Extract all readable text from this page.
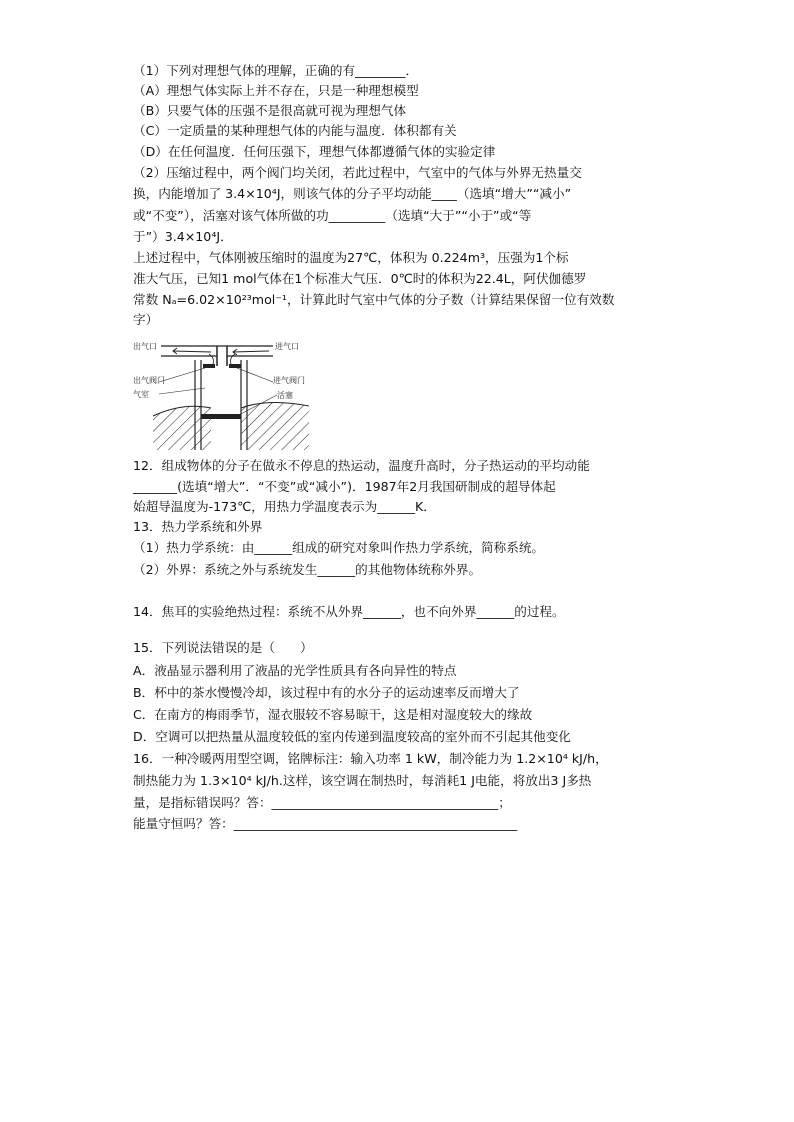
（1）下列对理想气体的理解，正确的有________．
（A）理想气体实际上并不存在，只是一种理想模型
（B）只要气体的压强不是很高就可视为理想气体
（C）一定质量的某种理想气体的内能与温度．体积都有关
（D）在任何温度．任何压强下，理想气体都遵循气体的实验定律
（2）压缩过程中，两个阀门均关闭，若此过程中，气室中的气体与外界无热量交
换，内能增加了 3.4×10⁴J，则该气体的分子平均动能____（选填“增大”“减小”
或“不变”），活塞对该气体所做的功_________（选填“大于”“小于”或“等
于”）3.4×10⁴J．
上述过程中，气体刚被压缩时的温度为27℃，体积为 0.224m³，压强为1个标
准大气压，已知1 mol气体在1个标准大气压．0℃时的体积为22.4L，阿伏伽德罗
常数 Nₐ=6.02×10²³mol⁻¹，计算此时气室中气体的分子数（计算结果保留一位有效数
字）
出气口	进气口
出气阀门	进气阀门
气室	活塞
12．组成物体的分子在做永不停息的热运动，温度升高时，分子热运动的平均动能
_______(选填“增大”．“不变”或“减小”)．1987年2月我国研制成的超导体起
始超导温度为-173℃，用热力学温度表示为______K．
13．热力学系统和外界
（1）热力学系统：由______组成的研究对象叫作热力学系统，简称系统。
（2）外界：系统之外与系统发生______的其他物体统称外界。
14．焦耳的实验绝热过程：系统不从外界______，也不向外界______的过程。
15．下列说法错误的是（　　）
A．液晶显示器利用了液晶的光学性质具有各向异性的特点
B．杯中的茶水慢慢冷却，该过程中有的水分子的运动速率反而增大了
C．在南方的梅雨季节，湿衣服较不容易晾干，这是相对湿度较大的缘故
D．空调可以把热量从温度较低的室内传递到温度较高的室外而不引起其他变化
16．一种冷暖两用型空调，铭牌标注：输入功率 1 kW，制冷能力为 1.2×10⁴ kJ/h，
制热能力为 1.3×10⁴ kJ/h.这样，该空调在制热时，每消耗1 J电能，将放出3 J多热
量，是指标错误吗？答：____________________________________；
能量守恒吗？答：_____________________________________________
